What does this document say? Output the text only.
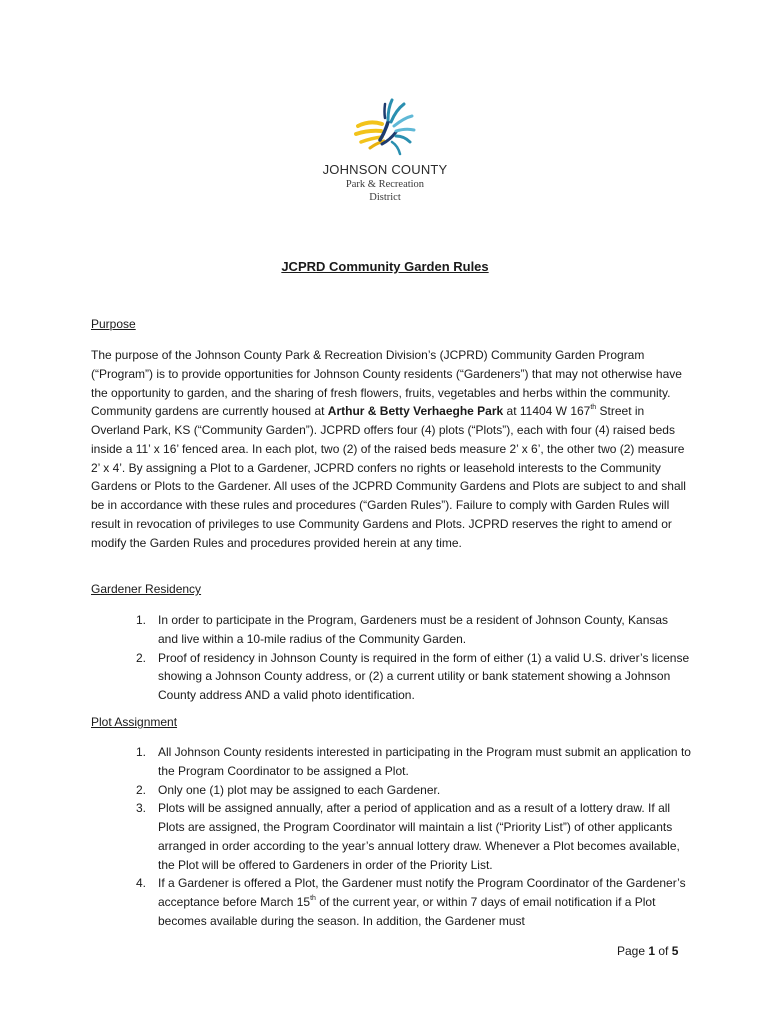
JOHNSON COUNTY
Park & Recreation
District
JCPRD Community Garden Rules
Purpose
The purpose of the Johnson County Park & Recreation Division’s (JCPRD) Community Garden Program (“Program”) is to provide opportunities for Johnson County residents (“Gardeners”) that may not otherwise have the opportunity to garden, and the sharing of fresh flowers, fruits, vegetables and herbs within the community. Community gardens are currently housed at Arthur & Betty Verhaeghe Park at 11404 W 167th Street in Overland Park, KS (“Community Garden”). JCPRD offers four (4) plots (“Plots”), each with four (4) raised beds inside a 11’ x 16’ fenced area. In each plot, two (2) of the raised beds measure 2’ x 6’, the other two (2) measure 2’ x 4’. By assigning a Plot to a Gardener, JCPRD confers no rights or leasehold interests to the Community Gardens or Plots to the Gardener. All uses of the JCPRD Community Gardens and Plots are subject to and shall be in accordance with these rules and procedures (“Garden Rules”). Failure to comply with Garden Rules will result in revocation of privileges to use Community Gardens and Plots. JCPRD reserves the right to amend or modify the Garden Rules and procedures provided herein at any time.
Gardener Residency
1. In order to participate in the Program, Gardeners must be a resident of Johnson County, Kansas and live within a 10-mile radius of the Community Garden.
2. Proof of residency in Johnson County is required in the form of either (1) a valid U.S. driver’s license showing a Johnson County address, or (2) a current utility or bank statement showing a Johnson County address AND a valid photo identification.
Plot Assignment
1. All Johnson County residents interested in participating in the Program must submit an application to the Program Coordinator to be assigned a Plot.
2. Only one (1) plot may be assigned to each Gardener.
3. Plots will be assigned annually, after a period of application and as a result of a lottery draw. If all Plots are assigned, the Program Coordinator will maintain a list (“Priority List”) of other applicants arranged in order according to the year’s annual lottery draw. Whenever a Plot becomes available, the Plot will be offered to Gardeners in order of the Priority List.
4. If a Gardener is offered a Plot, the Gardener must notify the Program Coordinator of the Gardener’s acceptance before March 15th of the current year, or within 7 days of email notification if a Plot becomes available during the season. In addition, the Gardener must
Page 1 of 5
